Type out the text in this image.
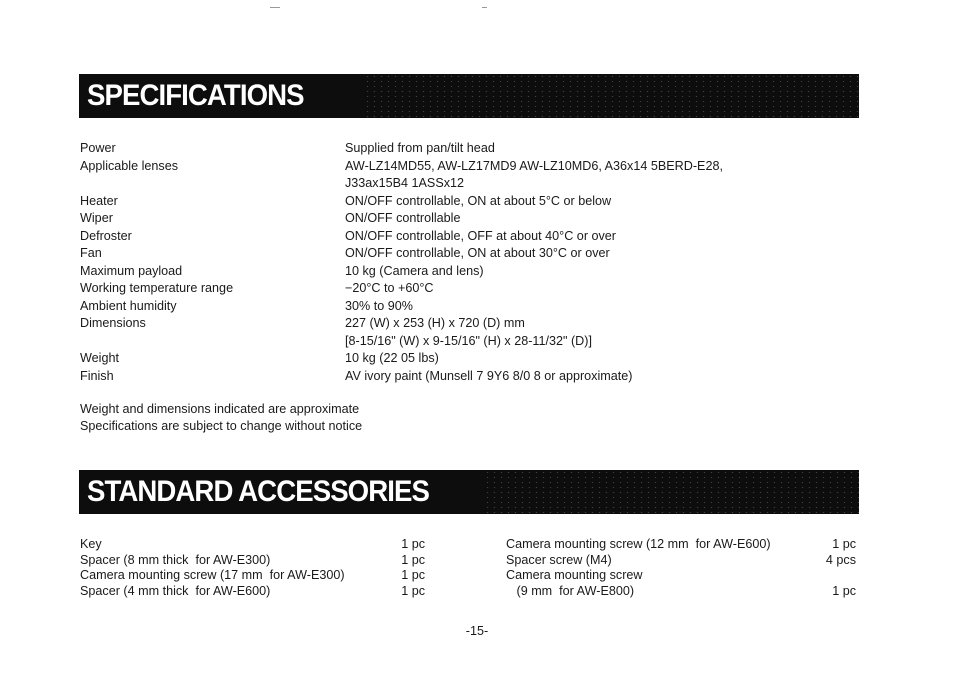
SPECIFICATIONS
Power	Supplied from pan/tilt head
Applicable lenses	AW-LZ14MD55, AW-LZ17MD9 AW-LZ10MD6, A36x14 5BERD-E28,
J33ax15B4 1ASSx12
Heater	ON/OFF controllable, ON at about 5°C or below
Wiper	ON/OFF controllable
Defroster	ON/OFF controllable, OFF at about 40°C or over
Fan	ON/OFF controllable, ON at about 30°C or over
Maximum payload	10 kg (Camera and lens)
Working temperature range	−20°C to +60°C
Ambient humidity	30% to 90%
Dimensions	227 (W) x 253 (H) x 720 (D) mm
[8-15/16" (W) x 9-15/16" (H) x 28-11/32" (D)]
Weight	10 kg (22 05 lbs)
Finish	AV ivory paint (Munsell 7 9Y6 8/0 8 or approximate)
Weight and dimensions indicated are approximate
Specifications are subject to change without notice
STANDARD ACCESSORIES
Key	1 pc
Spacer (8 mm thick  for AW-E300)	1 pc
Camera mounting screw (17 mm  for AW-E300)	1 pc
Spacer (4 mm thick  for AW-E600)	1 pc
Camera mounting screw (12 mm  for AW-E600)	1 pc
Spacer screw (M4)	4 pcs
Camera mounting screw
(9 mm  for AW-E800)	1 pc
-15-
